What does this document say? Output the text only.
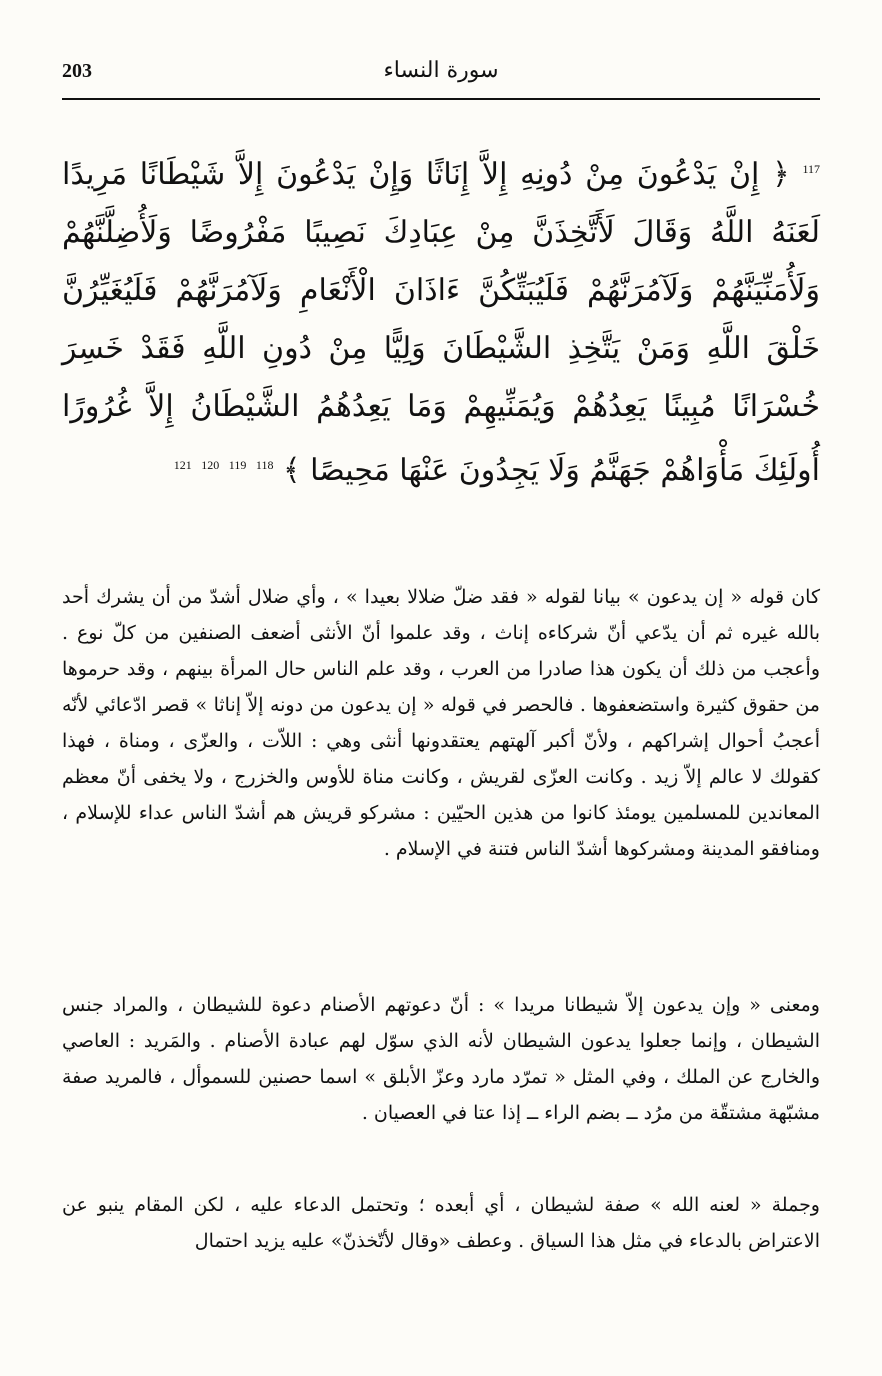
203	سورة النساء
$^{117}$ ﴿ إِنْ يَدْعُونَ مِنْ دُونِهِ إِلاَّ إِنَاثًا وَإِنْ يَدْعُونَ إِلاَّ شَيْطَانًا مَرِيدًا لَعَنَهُ اللَّهُ وَقَالَ لَأَتَّخِذَنَّ مِنْ عِبَادِكَ نَصِيبًا مَفْرُوضًا وَلَأُضِلَّنَّهُمْ وَلَأُمَنِّيَنَّهُمْ وَلَآمُرَنَّهُمْ فَلَيُبَتِّكُنَّ ءَاذَانَ الْأَنْعَامِ وَلَآمُرَنَّهُمْ فَلَيُغَيِّرُنَّ خَلْقَ اللَّهِ وَمَنْ يَتَّخِذِ الشَّيْطَانَ وَلِيًّا مِنْ دُونِ اللَّهِ فَقَدْ خَسِرَ خُسْرَانًا مُبِينًا يَعِدُهُمْ وَيُمَنِّيهِمْ وَمَا يَعِدُهُمُ الشَّيْطَانُ إِلاَّ غُرُورًا أُولَئِكَ مَأْوَاهُمْ جَهَنَّمُ وَلَا يَجِدُونَ عَنْهَا مَحِيصًا ﴾ $^{118}$ $^{119}$ $^{120}$ $^{121}$

كان قوله « إن يدعون » بيانا لقوله « فقد ضلّ ضلالا بعيدا » ، وأي ضلال أشدّ من أن يشرك أحد بالله غيره ثم أن يدّعي أنّ شركاءه إناث ، وقد علموا أنّ الأنثى أضعف الصنفين من كلّ نوع . وأعجب من ذلك أن يكون هذا صادرا من العرب ، وقد علم الناس حال المرأة بينهم ، وقد حرموها من حقوق كثيرة واستضعفوها . فالحصر في قوله « إن يدعون من دونه إلاّ إناثا » قصر ادّعائي لأنّه أعجبُ أحوال إشراكهم ، ولأنّ أكبر آلهتهم يعتقدونها أنثى وهي : اللاّت ، والعزّى ، ومناة ، فهذا كقولك لا عالم إلاّ زيد . وكانت العزّى لقريش ، وكانت مناة للأوس والخزرج ، ولا يخفى أنّ معظم المعاندين للمسلمين يومئذ كانوا من هذين الحيّين : مشركو قريش هم أشدّ الناس عداء للإسلام ، ومنافقو المدينة ومشركوها أشدّ الناس فتنة في الإسلام .

ومعنى « وإن يدعون إلاّ شيطانا مريدا » : أنّ دعوتهم الأصنام دعوة للشيطان ، والمراد جنس الشيطان ، وإنما جعلوا يدعون الشيطان لأنه الذي سوّل لهم عبادة الأصنام . والمَريد : العاصي والخارج عن الملك ، وفي المثل « تمرّد مارد وعزّ الأبلق » اسما حصنين للسموأل ، فالمريد صفة مشبّهة مشتقّة من مرُد ــ بضم الراء ــ إذا عتا في العصيان .

وجملة « لعنه الله » صفة لشيطان ، أي أبعده ؛ وتحتمل الدعاء عليه ، لكن المقام ينبو عن الاعتراض بالدعاء في مثل هذا السياق . وعطف «وقال لأتّخذنّ» عليه يزيد احتمال
